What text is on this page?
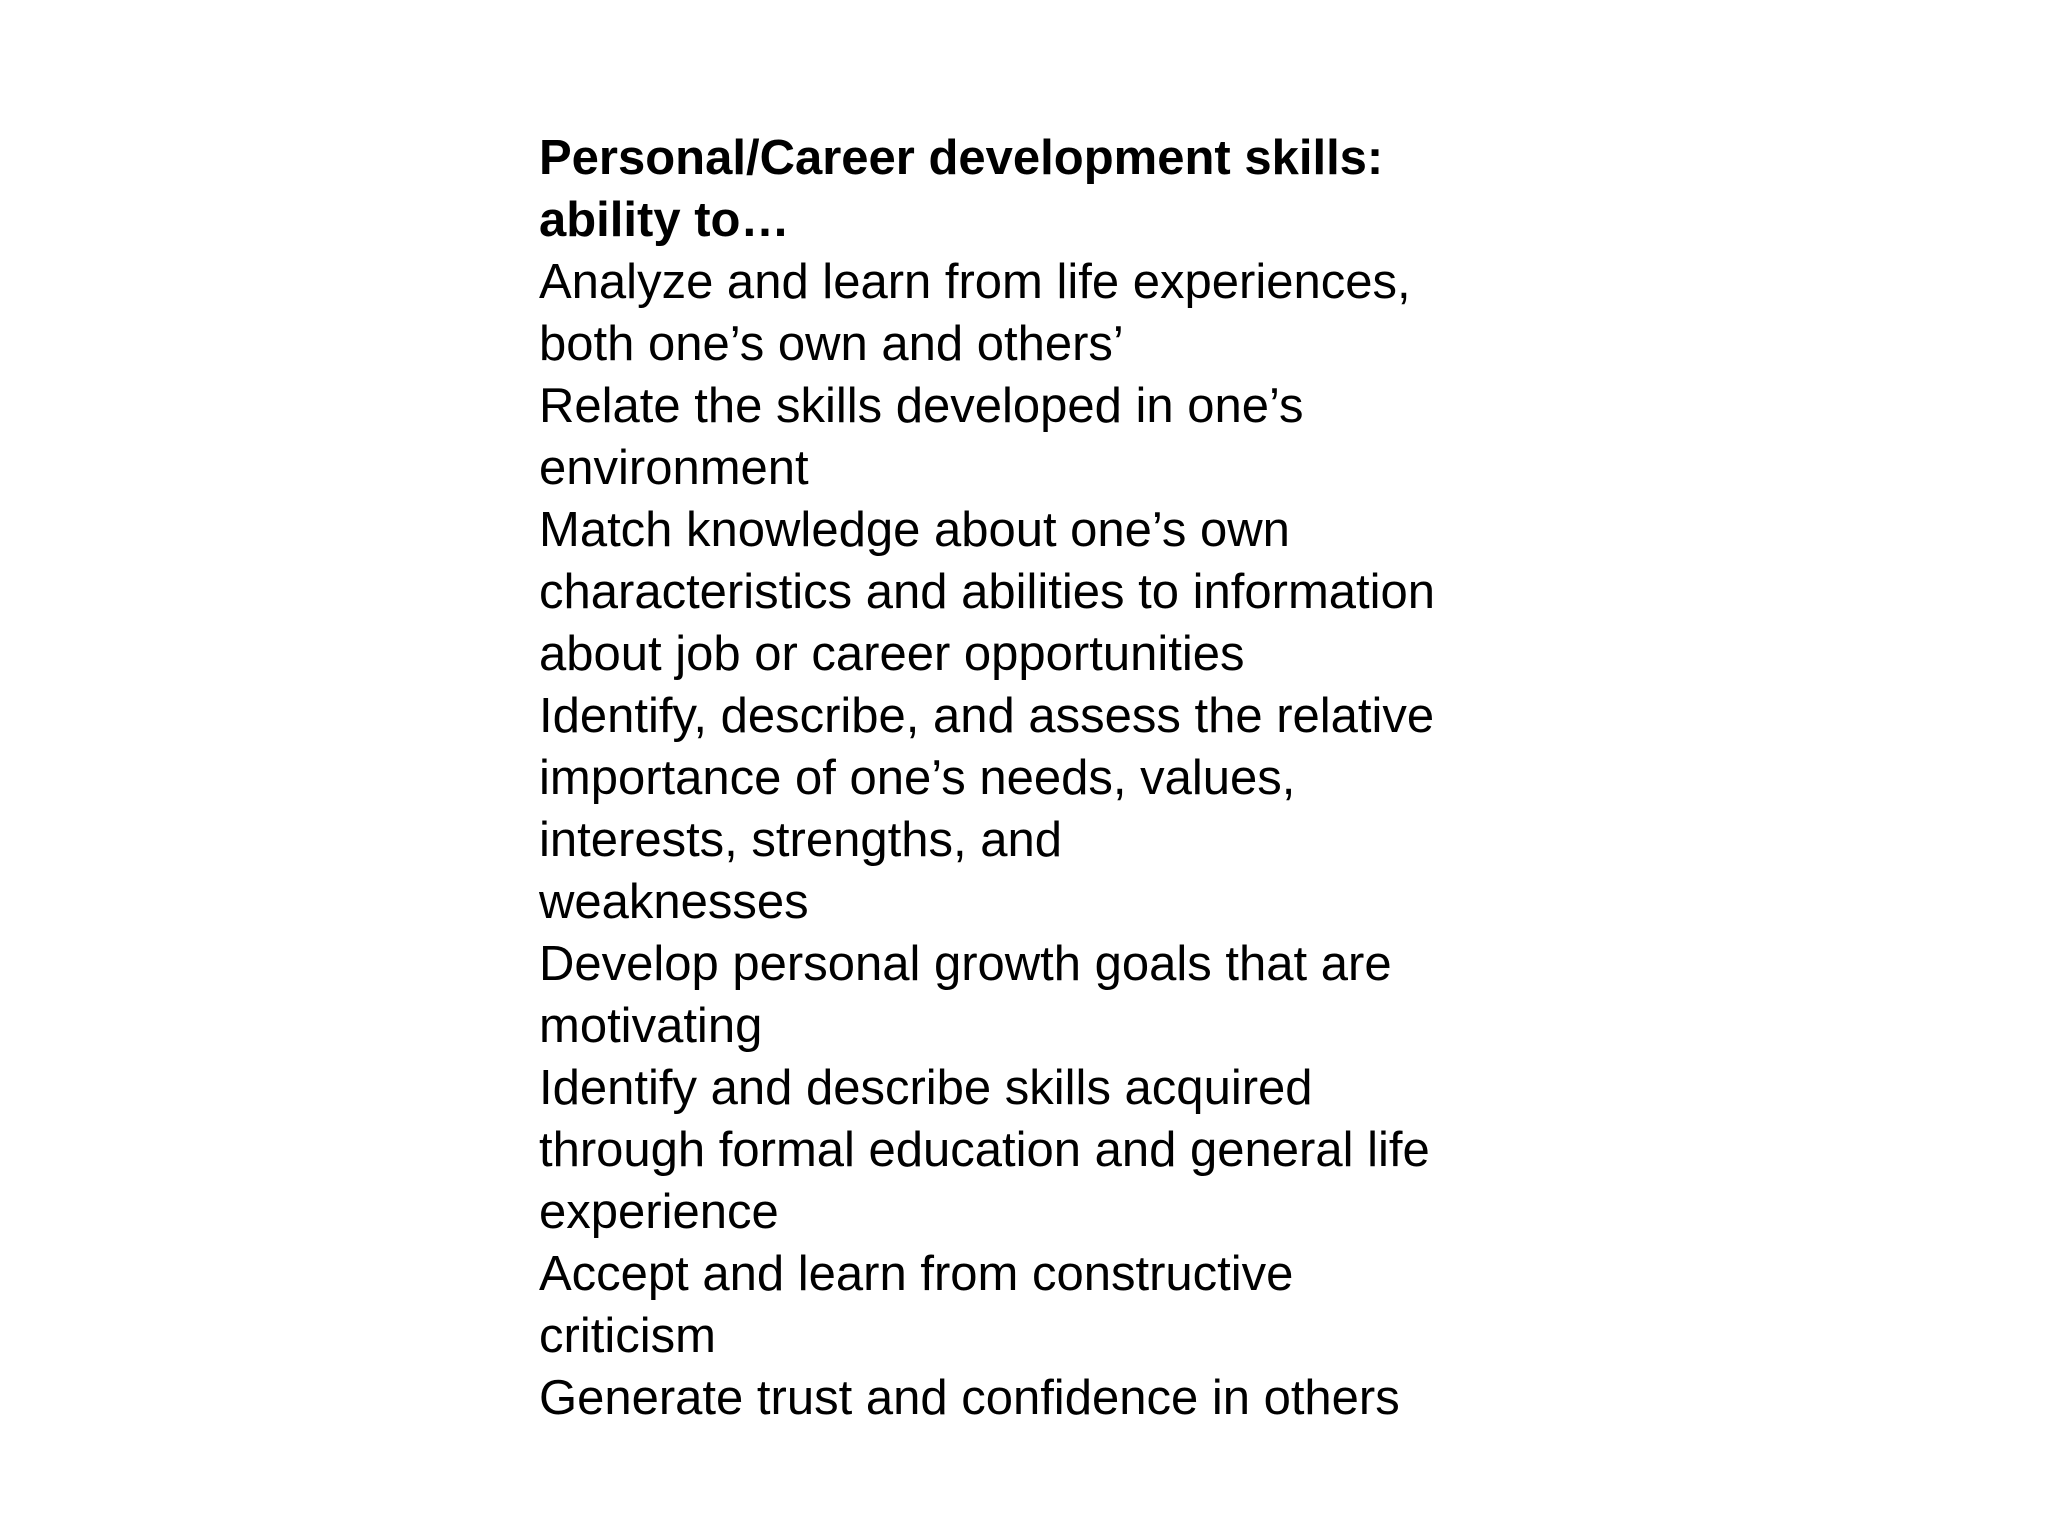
Personal/Career development skills:
ability to…
Analyze and learn from life experiences,
both one’s own and others’
Relate the skills developed in one’s
environment
Match knowledge about one’s own
characteristics and abilities to information
about job or career opportunities
Identify, describe, and assess the relative
importance of one’s needs, values,
interests, strengths, and
weaknesses
Develop personal growth goals that are
motivating
Identify and describe skills acquired
through formal education and general life
experience
Accept and learn from constructive
criticism
Generate trust and confidence in others
